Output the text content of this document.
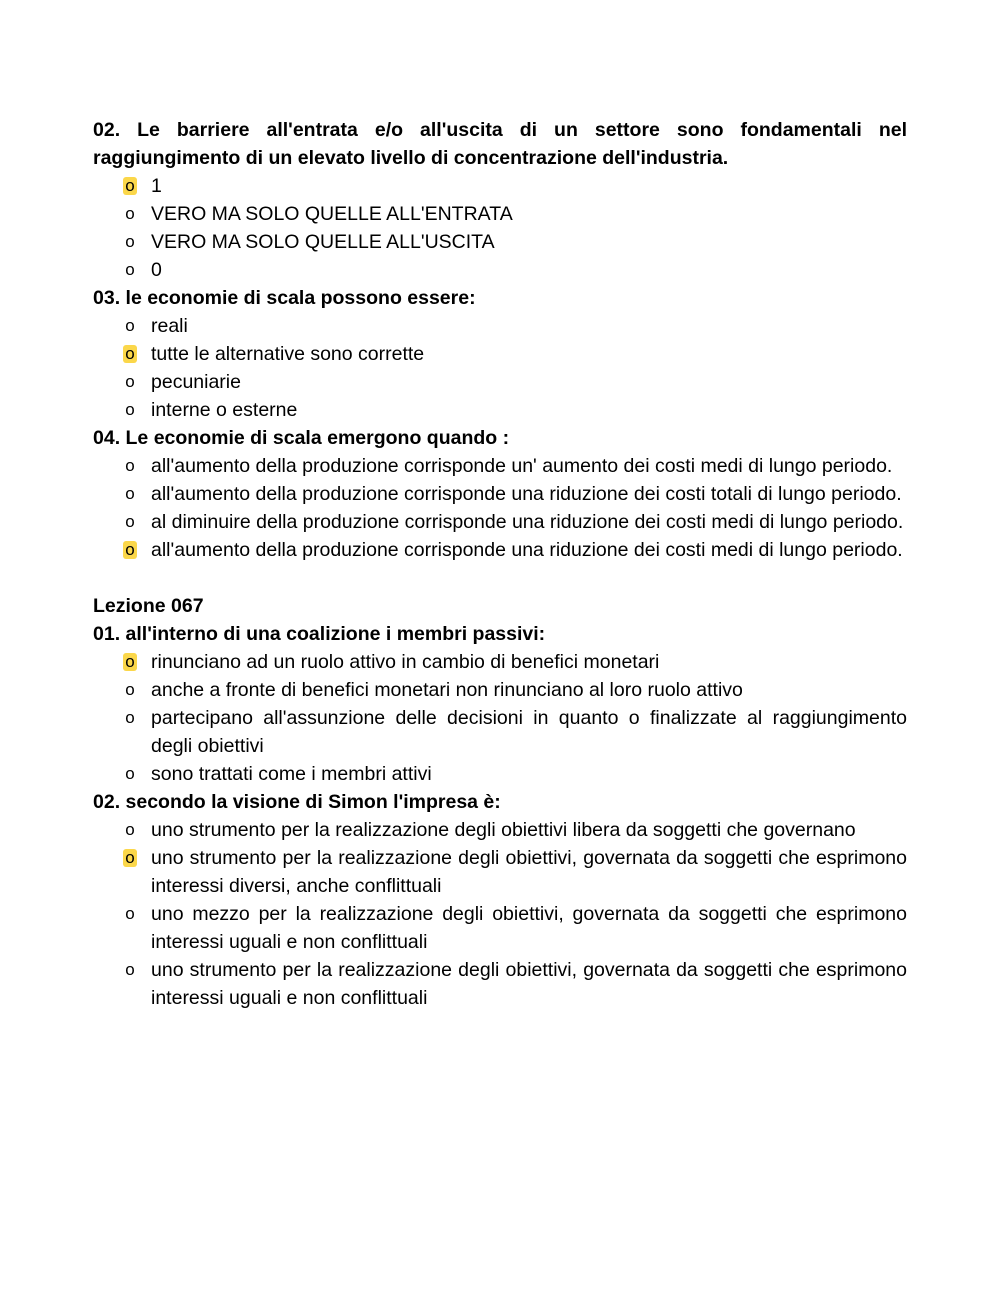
02. Le barriere all'entrata e/o all'uscita di un settore sono fondamentali nel raggiungimento di un elevato livello di concentrazione dell'industria.

o 1
o VERO MA SOLO QUELLE ALL'ENTRATA
o VERO MA SOLO QUELLE ALL'USCITA
o 0

03. le economie di scala possono essere:

o reali
o tutte le alternative sono corrette
o pecuniarie
o interne o esterne

04. Le economie di scala emergono quando :

o all'aumento della produzione corrisponde un' aumento dei costi medi di lungo periodo.
o all'aumento della produzione corrisponde una riduzione dei costi totali di lungo periodo.
o al diminuire della produzione corrisponde una riduzione dei costi medi di lungo periodo.
o all'aumento della produzione corrisponde una riduzione dei costi medi di lungo periodo.

Lezione 067

01. all'interno di una coalizione i membri passivi:

o rinunciano ad un ruolo attivo in cambio di benefici monetari
o anche a fronte di benefici monetari non rinunciano al loro ruolo attivo
o partecipano all'assunzione delle decisioni in quanto o finalizzate al raggiungimento degli obiettivi
o sono trattati come i membri attivi

02. secondo la visione di Simon l'impresa è:

o uno strumento per la realizzazione degli obiettivi libera da soggetti che governano
o uno strumento per la realizzazione degli obiettivi, governata da soggetti che esprimono interessi diversi, anche conflittuali
o uno mezzo per la realizzazione degli obiettivi, governata da soggetti che esprimono interessi uguali e non conflittuali
o uno strumento per la realizzazione degli obiettivi, governata da soggetti che esprimono interessi uguali e non conflittuali
